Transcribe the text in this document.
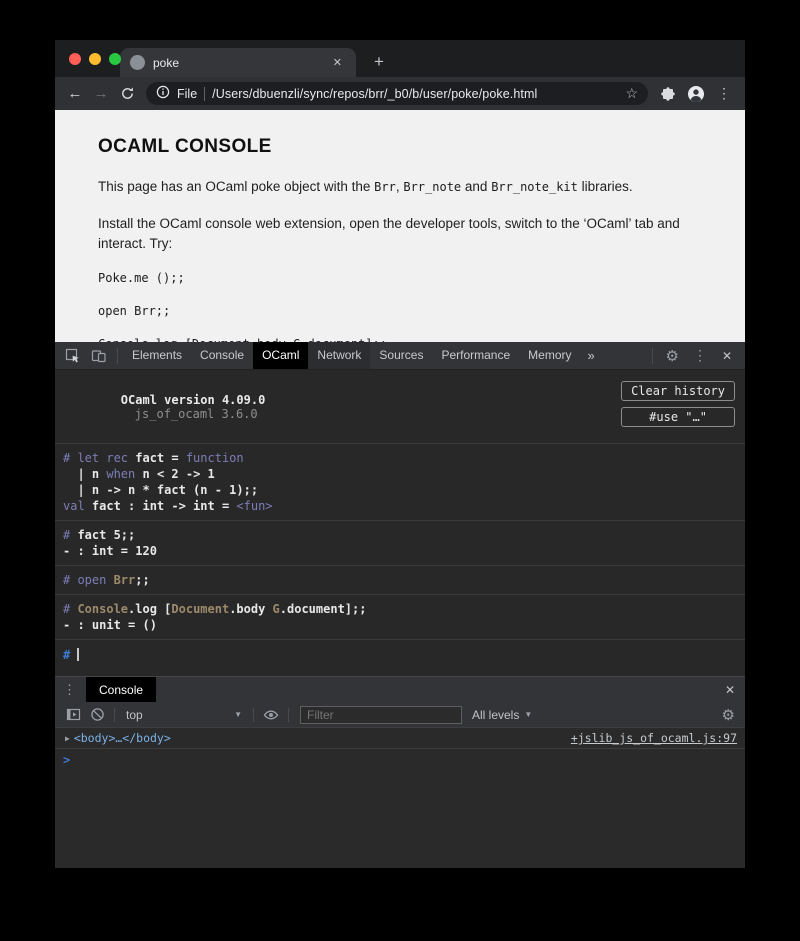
poke	✕ +
← →	File /Users/dbuenzli/sync/repos/brr/_b0/b/user/poke/poke.html	☆	⋮
OCAML CONSOLE

This page has an OCaml poke object with the Brr, Brr_note and Brr_note_kit libraries.

Install the OCaml console web extension, open the developer tools, switch to the ‘OCaml’ tab and interact. Try:

Poke.me ();;
open Brr;;
Elements	Console	OCaml	Network	Sources	Performance	Memory	»	⚙	⋮	✕
Clear history
#use "…"

OCaml version 4.09.0
js_of_ocaml 3.6.0

# let rec fact = function
| n when n < 2 -> 1
| n -> n * fact (n - 1);;
val fact : int -> int = <fun>
# fact 5;;
- : int = 120
# open Brr;;
# Console.log [Document.body G.document];;
- : unit = ()
#
⋮	Console	✕
top	▼
Filter	All levels ▼	⚙
▶ <body>…</body>	+jslib_js_of_ocaml.js:97
>
